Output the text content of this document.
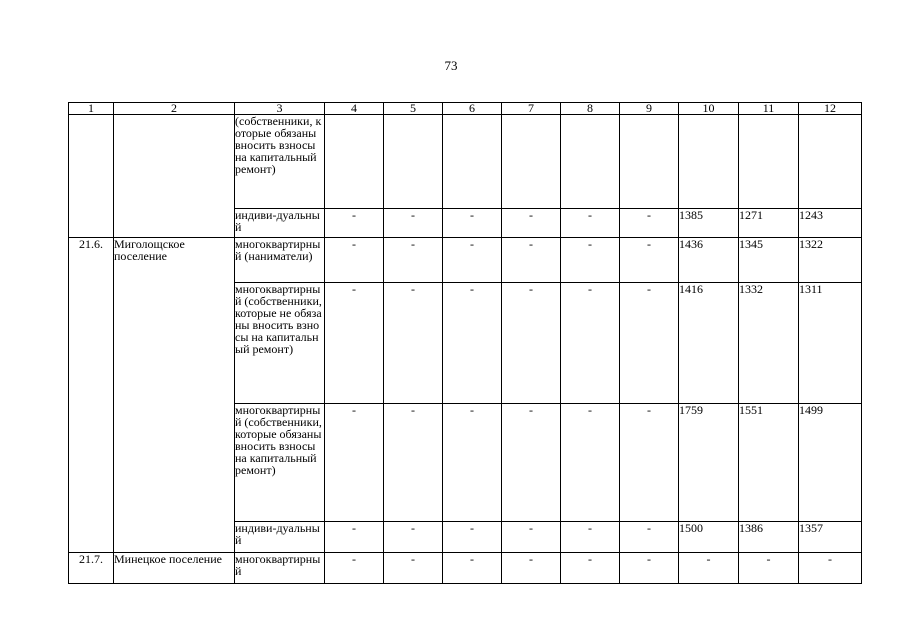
73
1	2	3	4	5	6	7	8	9	10	11	12
		(собственники, которые обязаны вносить взносы на капитальный ремонт)									
		индиви-дуальный	-	-	-	-	-	-	1385	1271	1243
21.6.	Миголощское поселение	многоквартирный (наниматели)	-	-	-	-	-	-	1436	1345	1322
		многоквартирный (собственники, которые не обязаны вносить взносы на капитальный ремонт)	-	-	-	-	-	-	1416	1332	1311
		многоквартирный (собственники, которые обязаны вносить взносы на капитальный ремонт)	-	-	-	-	-	-	1759	1551	1499
		индиви-дуальный	-	-	-	-	-	-	1500	1386	1357
21.7.	Минецкое поселение	многоквартирный	-	-	-	-	-	-	-	-	-
